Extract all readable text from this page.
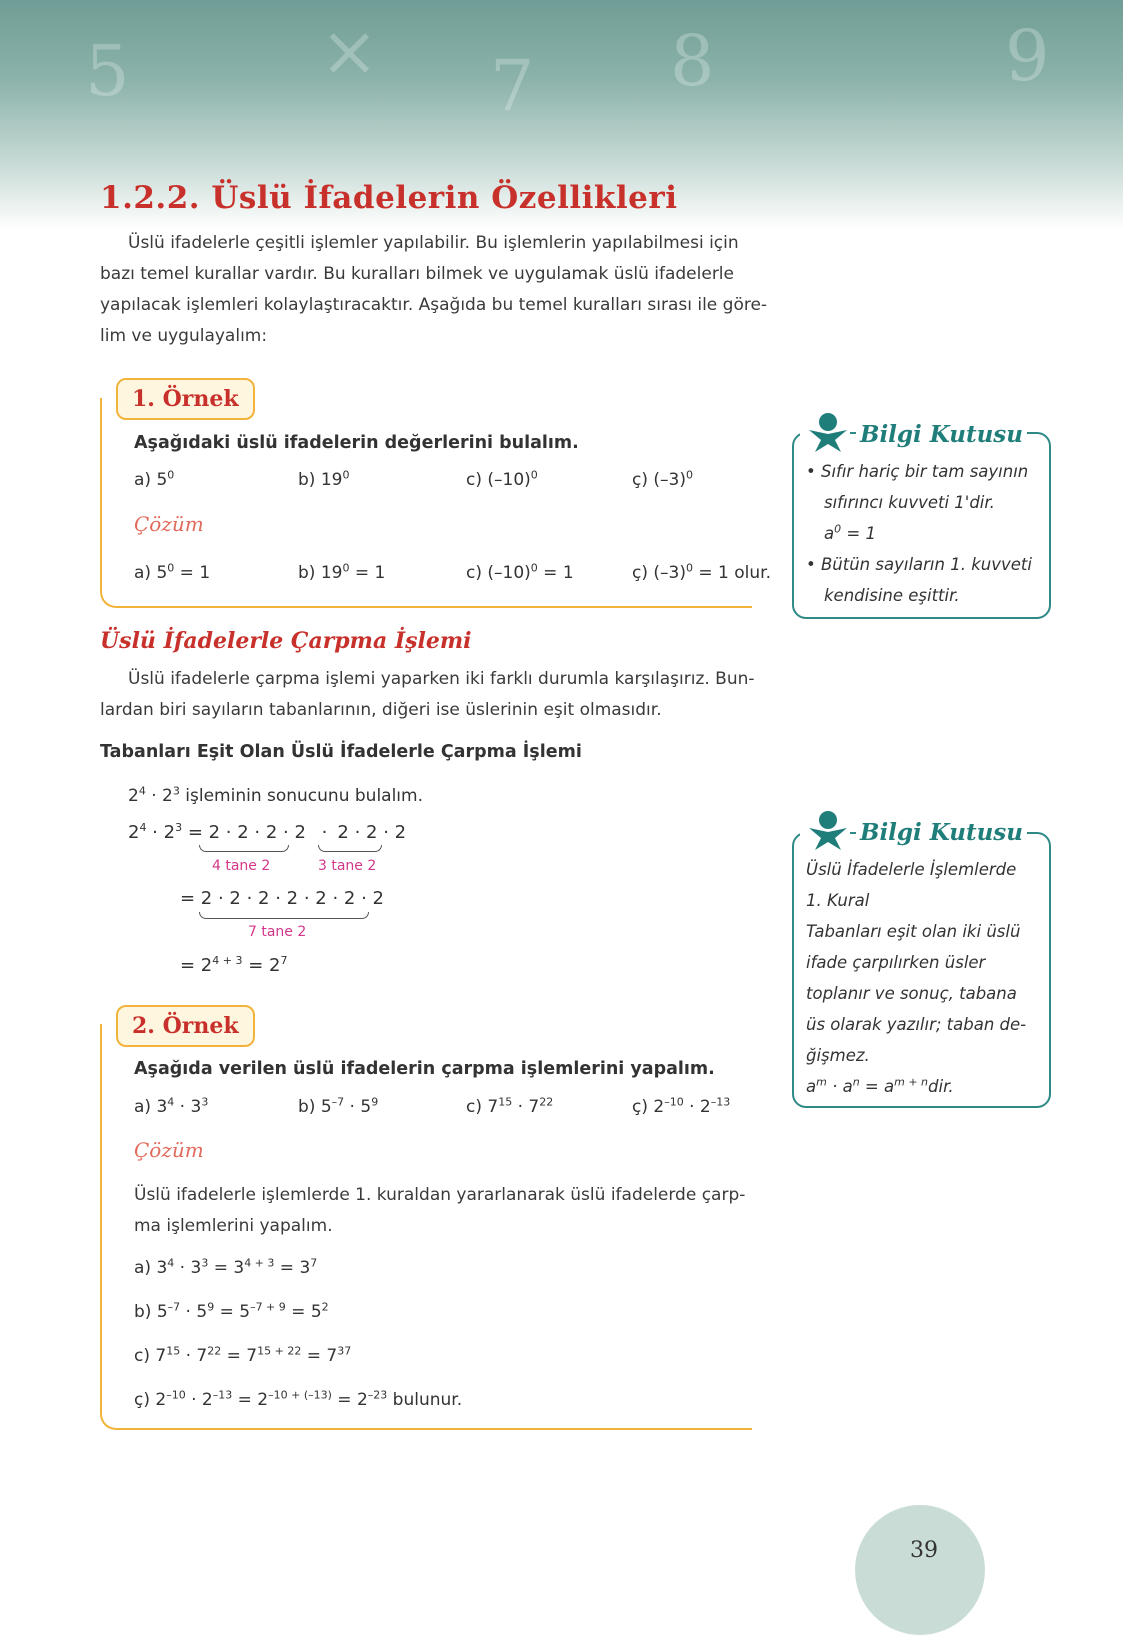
5	× 7 8	9
1.2.2. Üslü İfadelerin Özellikleri
Üslü ifadelerle çeşitli işlemler yapılabilir. Bu işlemlerin yapılabilmesi için
bazı temel kurallar vardır. Bu kuralları bilmek ve uygulamak üslü ifadelerle
yapılacak işlemleri kolaylaştıracaktır. Aşağıda bu temel kuralları sırası ile göre-
lim ve uygulayalım:
1. Örnek
Aşağıdaki üslü ifadelerin değerlerini bulalım.
a) $5^0$	b) $19^0$	c) $(-10)^0$	ç) $(-3)^0$
Çözüm
a) $5^0 = 1$	b) $19^0 = 1$	c) $(-10)^0 = 1$	ç) $(-3)^0 = 1$ olur.
Bilgi Kutusu
• Sıfır hariç bir tam sayının
sıfırıncı kuvveti 1'dir.
$a^0 = 1$
• Bütün sayıların 1. kuvveti
kendisine eşittir.
Üslü İfadelerle Çarpma İşlemi
Üslü ifadelerle çarpma işlemi yaparken iki farklı durumla karşılaşırız. Bun-
lardan biri sayıların tabanlarının, diğeri ise üslerinin eşit olmasıdır.
Tabanları Eşit Olan Üslü İfadelerle Çarpma İşlemi
$2^4 \cdot 2^3$ işleminin sonucunu bulalım.
$2^4 \cdot 2^3 = 2 \cdot 2 \cdot 2 \cdot 2 \cdot 2 \cdot 2 \cdot 2$
4 tane 2	3 tane 2
= 2 · 2 · 2 · 2 · 2 · 2 · 2
7 tane 2
= $2^{4 + 3} = 2^7$
Bilgi Kutusu
Üslü İfadelerle İşlemlerde
1. Kural
Tabanları eşit olan iki üslü
ifade çarpılırken üsler
toplanır ve sonuç, tabana
üs olarak yazılır; taban de-
ğişmez.
$a^m \cdot a^n = a^{m + n}dir$.
2. Örnek
Aşağıda verilen üslü ifadelerin çarpma işlemlerini yapalım.
a) $3^4 \cdot 3^3$	b) $5^{-7} \cdot 5^9$	c) $7^{15} \cdot 7^{22}$	ç) $2^{-10} \cdot 2^{-13}$
Çözüm
Üslü ifadelerle işlemlerde 1. kuraldan yararlanarak üslü ifadelerde çarp-
ma işlemlerini yapalım.
a) $3^4 \cdot 3^3 = 3^{4 + 3} = 3^7$
b) $5^{-7} \cdot 5^9 = 5^{-7 + 9} = 5^2$
c) $7^{15} \cdot 7^{22} = 7^{15 + 22} = 7^{37}$
ç) $2^{-10} \cdot 2^{-13} = 2^{-10 + (-13)} = 2^{-23}$ bulunur.
39
